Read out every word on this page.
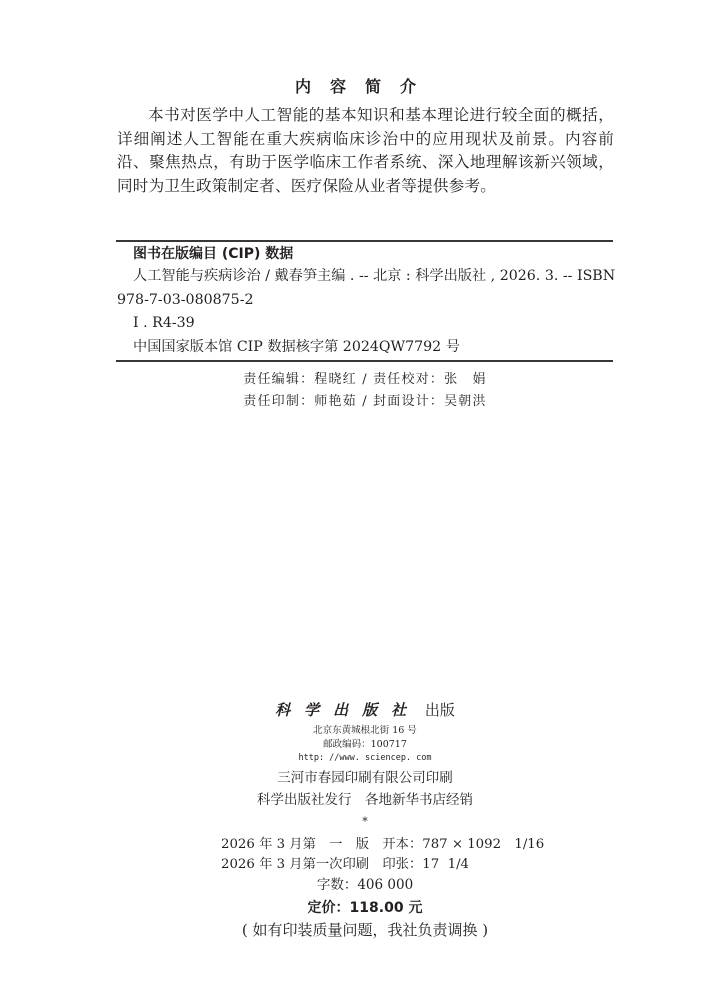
内容简介
本书对医学中人工智能的基本知识和基本理论进行较全面的概括，详细阐述人工智能在重大疾病临床诊治中的应用现状及前景。内容前沿、聚焦热点，有助于医学临床工作者系统、深入地理解该新兴领域，同时为卫生政策制定者、医疗保险从业者等提供参考。
图书在版编目 (CIP) 数据
人工智能与疾病诊治 / 戴春笋主编 . -- 北京 : 科学出版社 , 2026. 3. -- ISBN
978-7-03-080875-2
Ⅰ . R4-39
中国国家版本馆 CIP 数据核字第 2024QW7792 号
责任编辑：程晓红 / 责任校对：张　娟
责任印制：师艳茹 / 封面设计：吴朝洪
科学出版社 出版
北京东黄城根北街 16 号
邮政编码：100717
http: //www. sciencep. com
三河市春园印刷有限公司印刷
科学出版社发行　各地新华书店经销
*
2026 年 3 月第　一　版　开本：787 × 1092　1/16
2026 年 3 月第一次印刷　印张：17  1/4
字数：406 000
定价：118.00 元
( 如有印装质量问题，我社负责调换 )
